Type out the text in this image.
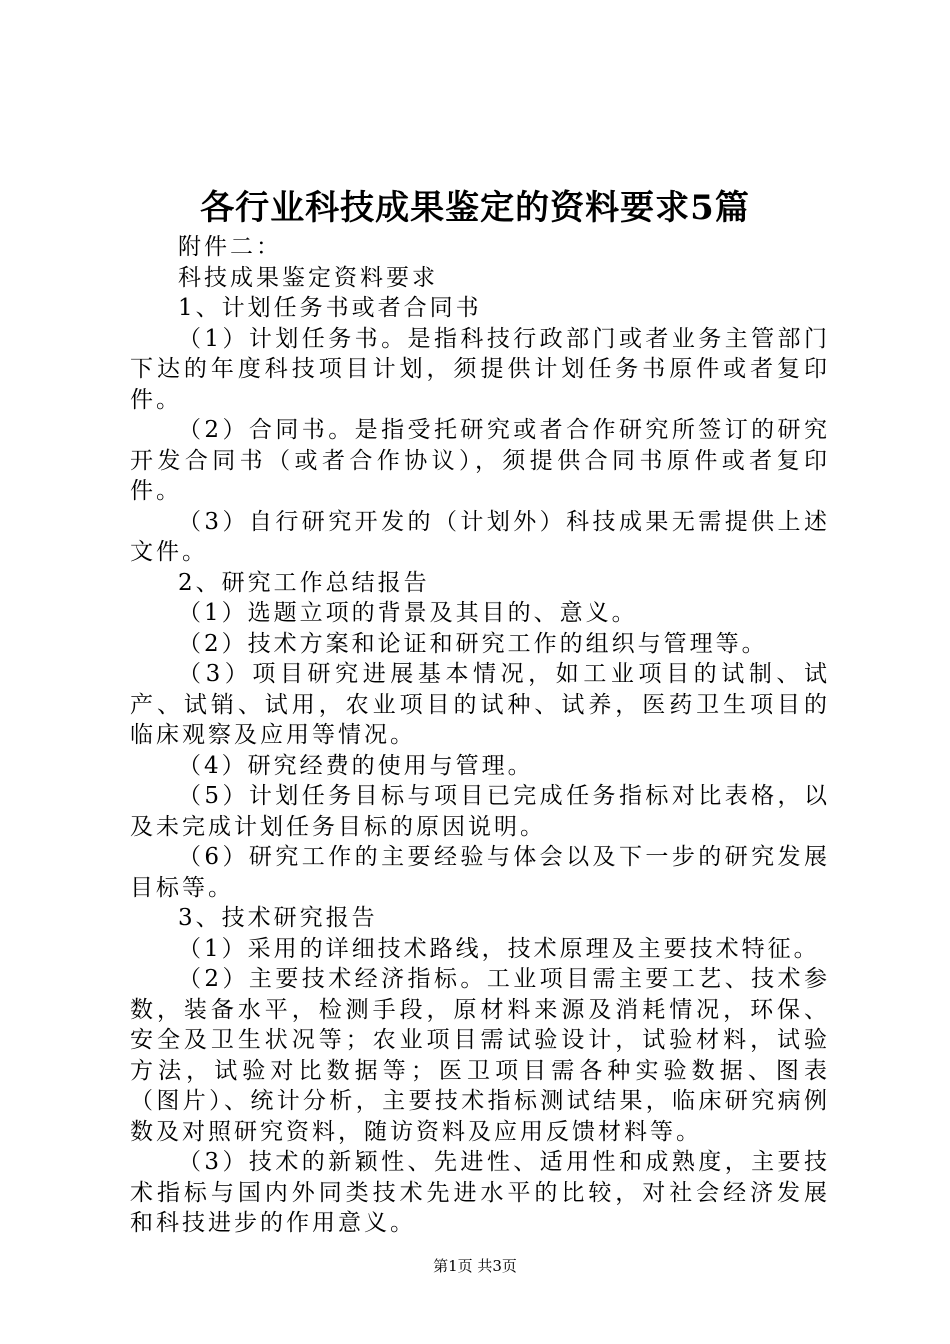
各行业科技成果鉴定的资料要求5篇

附件二：

科技成果鉴定资料要求

1、计划任务书或者合同书

（1）计划任务书。是指科技行政部门或者业务主管部门下达的年度科技项目计划，须提供计划任务书原件或者复印件。

（2）合同书。是指受托研究或者合作研究所签订的研究开发合同书（或者合作协议），须提供合同书原件或者复印件。

（3）自行研究开发的（计划外）科技成果无需提供上述文件。

2、研究工作总结报告

（1）选题立项的背景及其目的、意义。

（2）技术方案和论证和研究工作的组织与管理等。

（3）项目研究进展基本情况，如工业项目的试制、试产、试销、试用，农业项目的试种、试养，医药卫生项目的临床观察及应用等情况。

（4）研究经费的使用与管理。

（5）计划任务目标与项目已完成任务指标对比表格，以及未完成计划任务目标的原因说明。

（6）研究工作的主要经验与体会以及下一步的研究发展目标等。

3、技术研究报告

（1）采用的详细技术路线，技术原理及主要技术特征。

（2）主要技术经济指标。工业项目需主要工艺、技术参数，装备水平，检测手段，原材料来源及消耗情况，环保、安全及卫生状况等；农业项目需试验设计，试验材料，试验方法，试验对比数据等；医卫项目需各种实验数据、图表（图片）、统计分析，主要技术指标测试结果，临床研究病例数及对照研究资料，随访资料及应用反馈材料等。

（3）技术的新颖性、先进性、适用性和成熟度，主要技术指标与国内外同类技术先进水平的比较，对社会经济发展和科技进步的作用意义。

第1页 共3页
